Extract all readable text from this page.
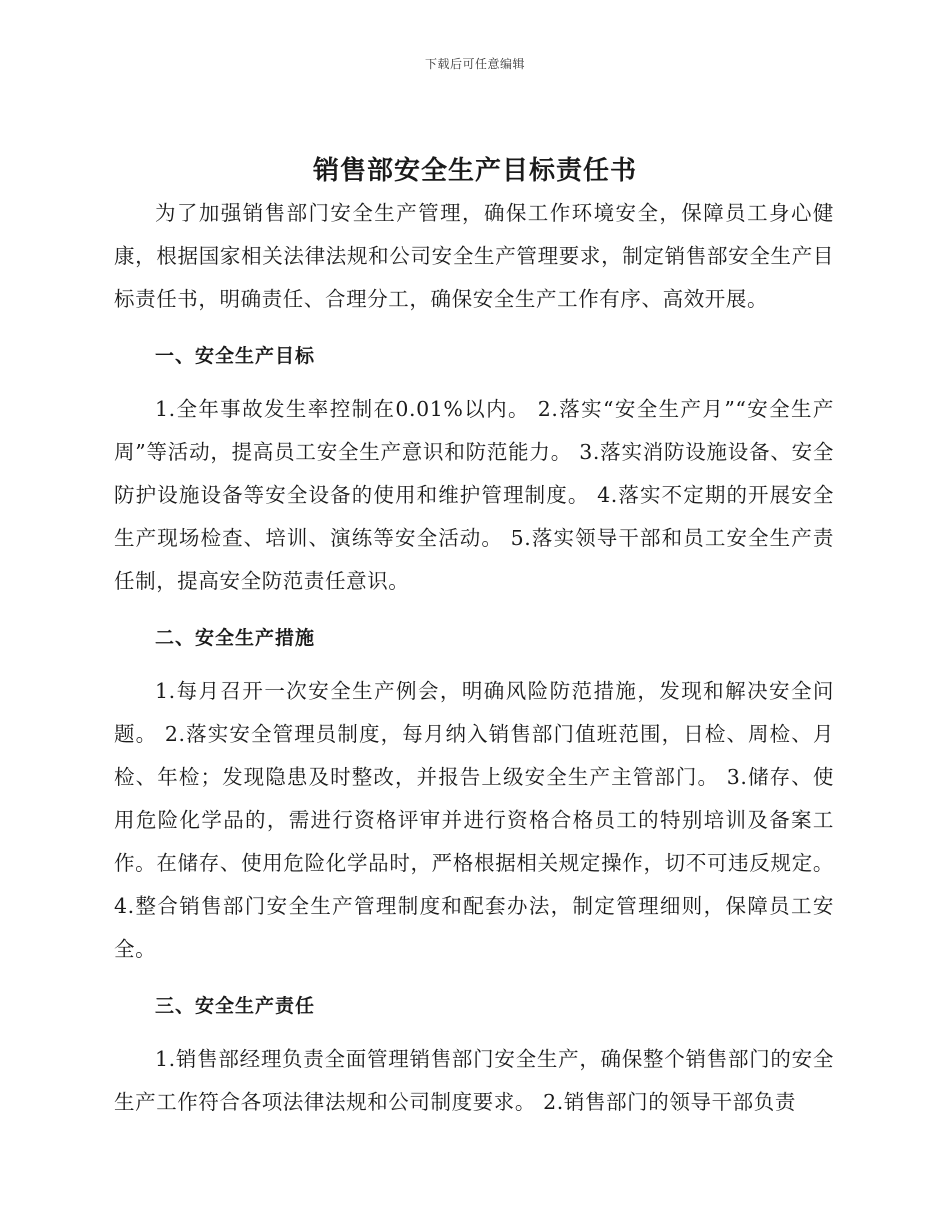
下载后可任意编辑
销售部安全生产目标责任书

为了加强销售部门安全生产管理，确保工作环境安全，保障员工身心健康，根据国家相关法律法规和公司安全生产管理要求，制定销售部安全生产目标责任书，明确责任、合理分工，确保安全生产工作有序、高效开展。

一、安全生产目标

1.全年事故发生率控制在0.01%以内。 2.落实“安全生产月”“安全生产周”等活动，提高员工安全生产意识和防范能力。 3.落实消防设施设备、安全防护设施设备等安全设备的使用和维护管理制度。 4.落实不定期的开展安全生产现场检查、培训、演练等安全活动。 5.落实领导干部和员工安全生产责任制，提高安全防范责任意识。

二、安全生产措施

1.每月召开一次安全生产例会，明确风险防范措施，发现和解决安全问题。 2.落实安全管理员制度，每月纳入销售部门值班范围，日检、周检、月检、年检；发现隐患及时整改，并报告上级安全生产主管部门。 3.储存、使用危险化学品的，需进行资格评审并进行资格合格员工的特别培训及备案工作。在储存、使用危险化学品时，严格根据相关规定操作，切不可违反规定。 4.整合销售部门安全生产管理制度和配套办法，制定管理细则，保障员工安全。

三、安全生产责任

1.销售部经理负责全面管理销售部门安全生产，确保整个销售部门的安全生产工作符合各项法律法规和公司制度要求。 2.销售部门的领导干部负责
